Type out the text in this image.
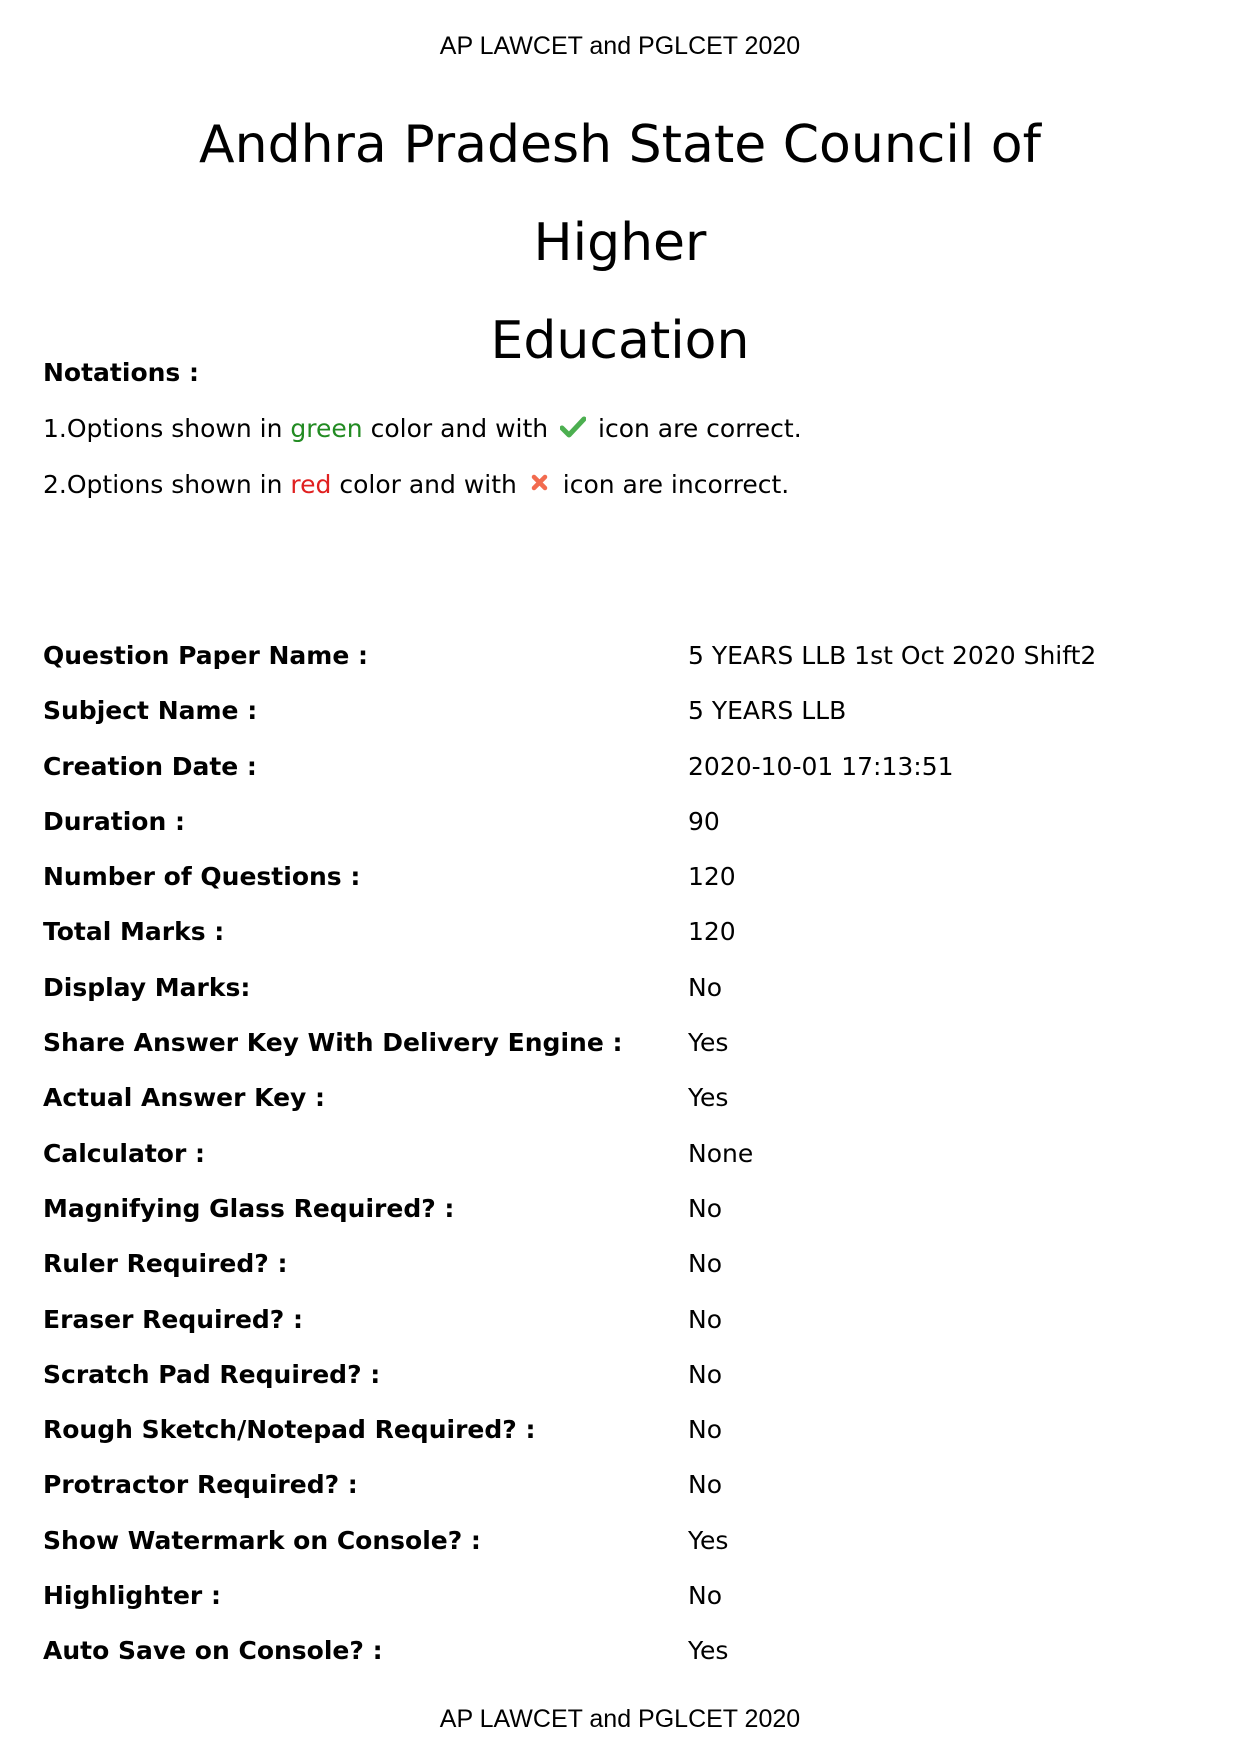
AP LAWCET and PGLCET 2020
Andhra Pradesh State Council of Higher
Education
Notations :
1.Options shown in green color and with icon are correct.
2.Options shown in red color and with icon are incorrect.
Question Paper Name :	5 YEARS LLB 1st Oct 2020 Shift2
Subject Name :	5 YEARS LLB
Creation Date :	2020-10-01 17:13:51
Duration :	90
Number of Questions :	120
Total Marks :	120
Display Marks:	No
Share Answer Key With Delivery Engine :	Yes
Actual Answer Key :	Yes
Calculator :	None
Magnifying Glass Required? :	No
Ruler Required? :	No
Eraser Required? :	No
Scratch Pad Required? :	No
Rough Sketch/Notepad Required? :	No
Protractor Required? :	No
Show Watermark on Console? :	Yes
Highlighter :	No
Auto Save on Console? :	Yes
AP LAWCET and PGLCET 2020
